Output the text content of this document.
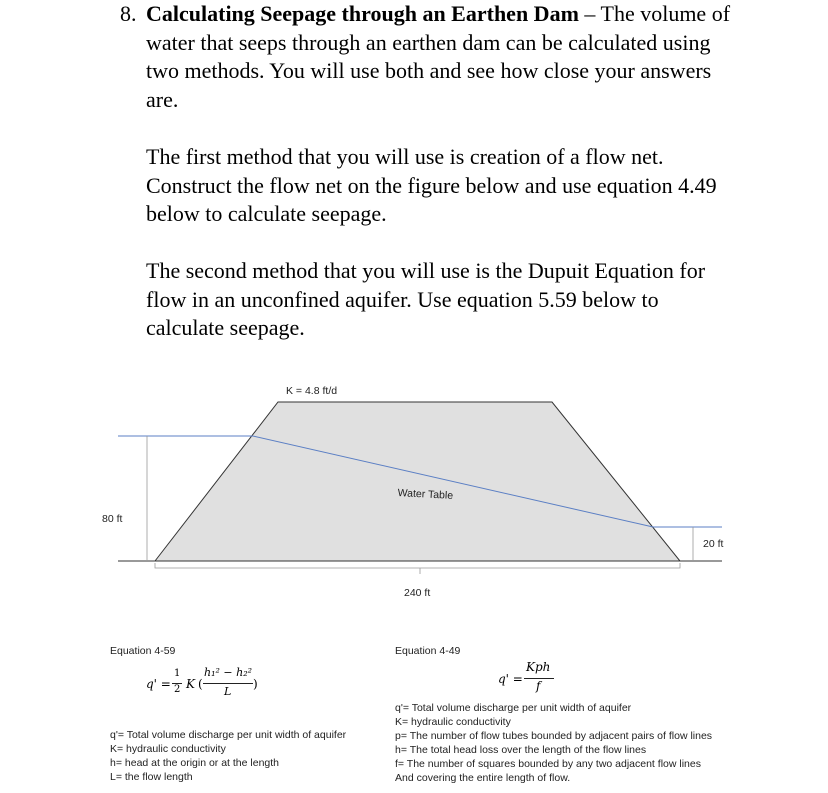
8. Calculating Seepage through an Earthen Dam – The volume of water that seeps through an earthen dam can be calculated using two methods. You will use both and see how close your answers are.
The first method that you will use is creation of a flow net. Construct the flow net on the figure below and use equation 4.49 below to calculate seepage.
The second method that you will use is the Dupuit Equation for flow in an unconfined aquifer. Use equation 5.59 below to calculate seepage.
K = 4.8 ft/d
Water Table
80 ft
20 ft
240 ft
Equation 4-59
q' =
1
2 K (
h₁² − h₂²
L
)
q'= Total volume discharge per unit width of aquifer
K= hydraulic conductivity
h= head at the origin or at the length
L= the flow length
Equation 4-49
q' =
Kph
f
q'= Total volume discharge per unit width of aquifer
K= hydraulic conductivity
p= The number of flow tubes bounded by adjacent pairs of flow lines
h= The total head loss over the length of the flow lines
f= The number of squares bounded by any two adjacent flow lines
And covering the entire length of flow.
